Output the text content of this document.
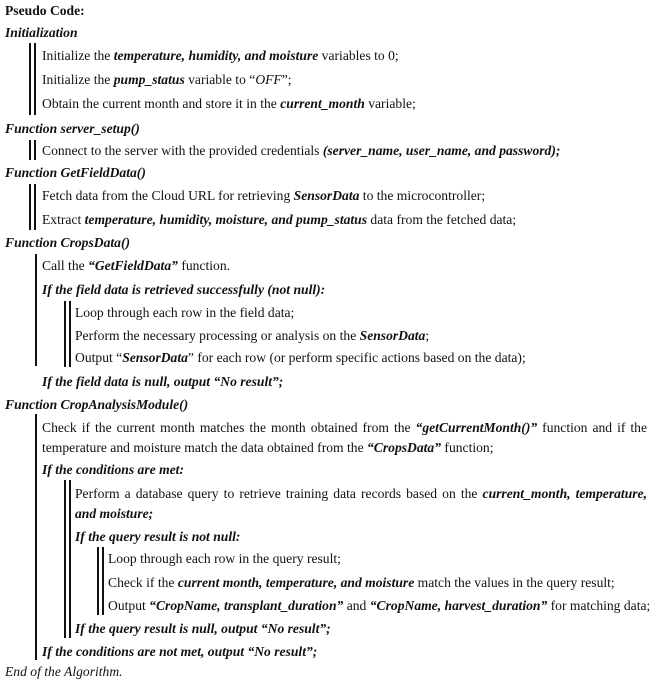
Pseudo Code:
Initialization
Initialize the temperature, humidity, and moisture variables to 0;
Initialize the pump_status variable to “OFF”;
Obtain the current month and store it in the current_month variable;
Function server_setup()
Connect to the server with the provided credentials (server_name, user_name, and password);
Function GetFieldData()
Fetch data from the Cloud URL for retrieving SensorData to the microcontroller;
Extract temperature, humidity, moisture, and pump_status data from the fetched data;
Function CropsData()
Call the “GetFieldData” function.
If the field data is retrieved successfully (not null):
Loop through each row in the field data;
Perform the necessary processing or analysis on the SensorData;
Output “SensorData” for each row (or perform specific actions based on the data);
If the field data is null, output “No result”;
Function CropAnalysisModule()
Check if the current month matches the month obtained from the “getCurrentMonth()” function and if the temperature and moisture match the data obtained from the “CropsData” function;
If the conditions are met:
Perform a database query to retrieve training data records based on the current_month, temperature, and moisture;
If the query result is not null:
Loop through each row in the query result;
Check if the current month, temperature, and moisture match the values in the query result;
Output “CropName, transplant_duration” and “CropName, harvest_duration” for matching data;
If the query result is null, output “No result”;
If the conditions are not met, output “No result”;
End of the Algorithm.
